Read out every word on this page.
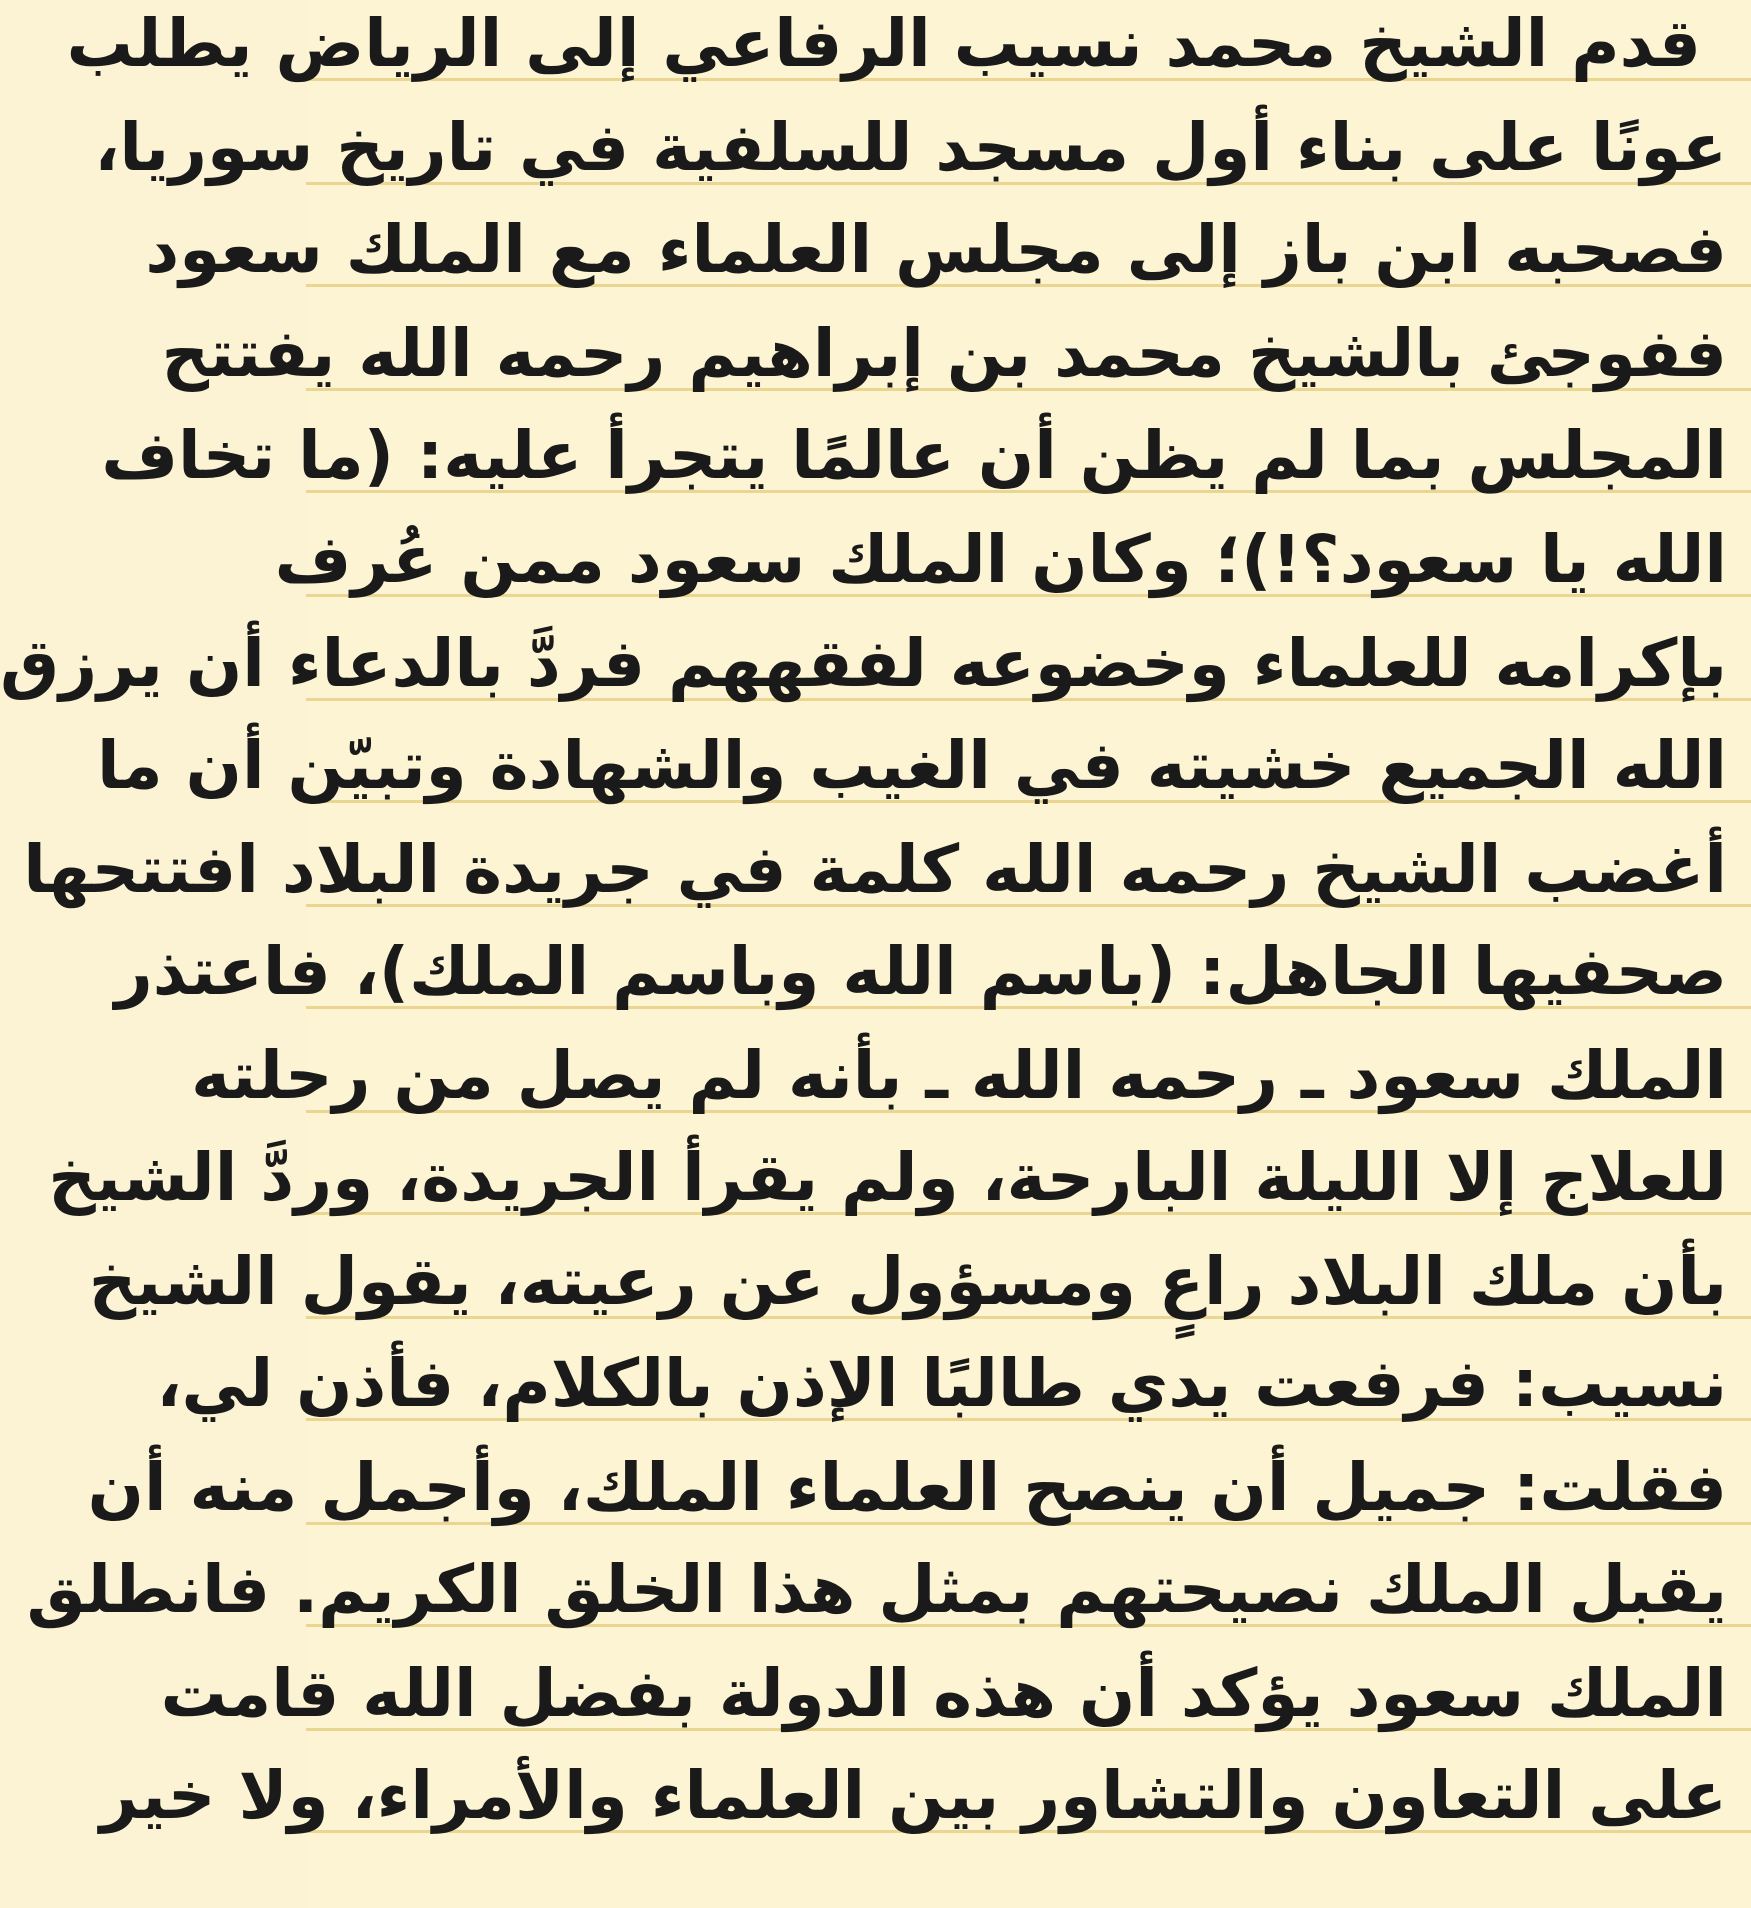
قدم الشيخ محمد نسيب الرفاعي إلى الرياض يطلب
عونًا على بناء أول مسجد للسلفية في تاريخ سوريا،
فصحبه ابن باز إلى مجلس العلماء مع الملك سعود
ففوجئ بالشيخ محمد بن إبراهيم رحمه الله يفتتح
المجلس بما لم يظن أن عالمًا يتجرأ عليه: (ما تخاف
الله يا سعود؟!)؛ وكان الملك سعود ممن عُرف
بإكرامه للعلماء وخضوعه لفقههم فردَّ بالدعاء أن يرزق
الله الجميع خشيته في الغيب والشهادة وتبيّن أن ما
أغضب الشيخ رحمه الله كلمة في جريدة البلاد افتتحها
صحفيها الجاهل: (باسم الله وباسم الملك)، فاعتذر
الملك سعود ـ رحمه الله ـ بأنه لم يصل من رحلته
للعلاج إلا الليلة البارحة، ولم يقرأ الجريدة، وردَّ الشيخ
بأن ملك البلاد راعٍ ومسؤول عن رعيته، يقول الشيخ
نسيب: فرفعت يدي طالبًا الإذن بالكلام، فأذن لي،
فقلت: جميل أن ينصح العلماء الملك، وأجمل منه أن
يقبل الملك نصيحتهم بمثل هذا الخلق الكريم. فانطلق
الملك سعود يؤكد أن هذه الدولة بفضل الله قامت
على التعاون والتشاور بين العلماء والأمراء، ولا خير
